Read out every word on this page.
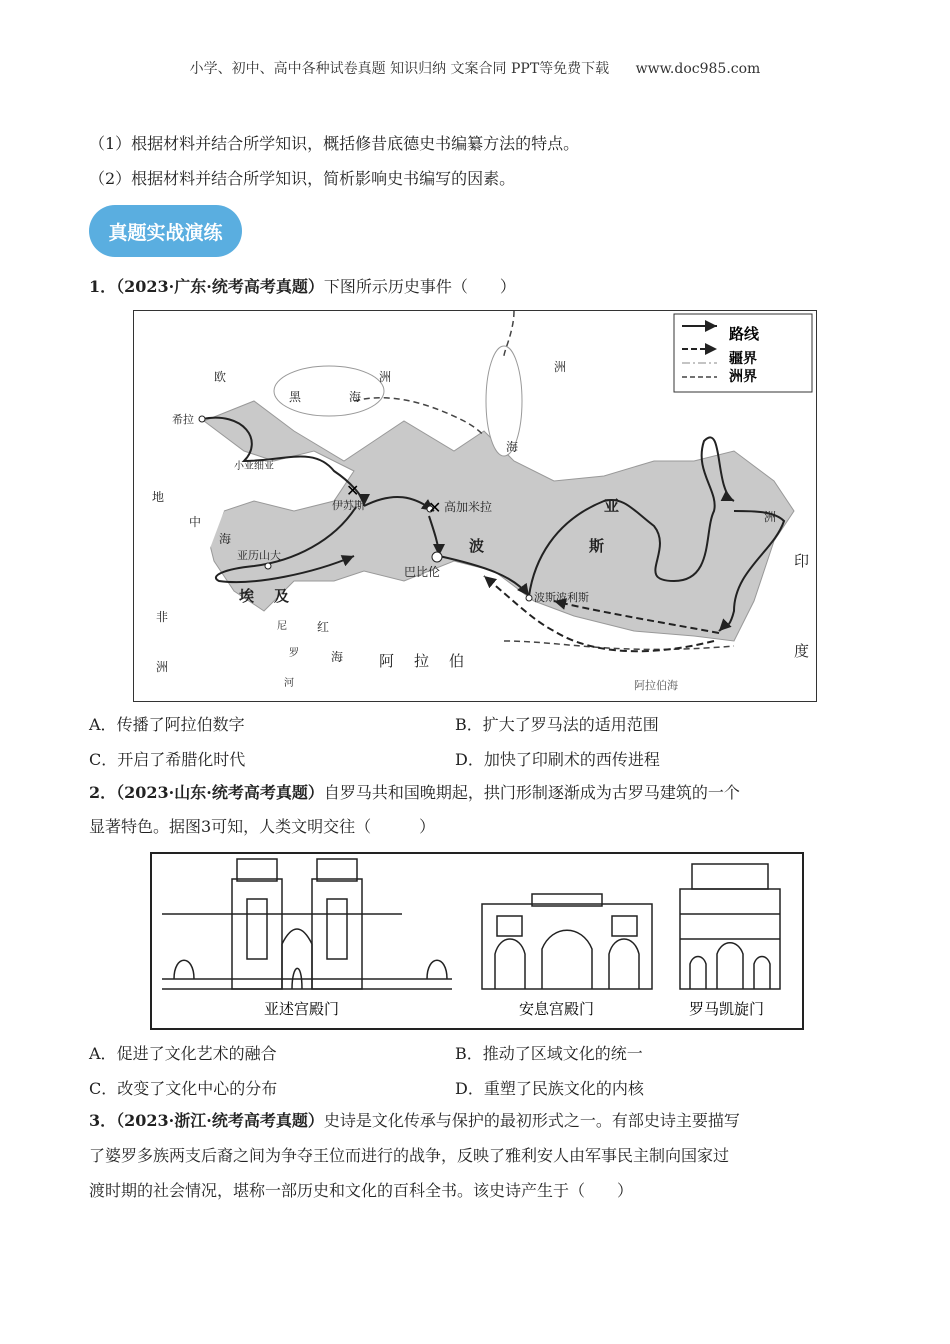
小学、初中、高中各种试卷真题 知识归纳 文案合同 PPT等免费下载 www.doc985.com
（1）根据材料并结合所学知识，概括修昔底德史书编纂方法的特点。
（2）根据材料并结合所学知识，简析影响史书编写的因素。
真题实战演练
1．（2023·广东·统考高考真题）下图所示历史事件（　　）
路线
疆界
洲界
✕
✕
欧	洲
洲
黑	海
海
希拉
小亚细亚
伊苏斯	高加米拉
巴比伦
波斯波利斯
亚历山大
埃 及
波	斯
亚
地
中
海
非
洲	阿 拉 伯
阿拉伯海
印
度
洲
红
海
尼
罗
河
A．传播了阿拉伯数字	B．扩大了罗马法的适用范围
C．开启了希腊化时代	D．加快了印刷术的西传进程
2．（2023·山东·统考高考真题）自罗马共和国晚期起，拱门形制逐渐成为古罗马建筑的一个
显著特色。据图3可知，人类文明交往（　　　）
亚述宫殿门	安息宫殿门	罗马凯旋门
A．促进了文化艺术的融合	B．推动了区域文化的统一
C．改变了文化中心的分布	D．重塑了民族文化的内核
3．（2023·浙江·统考高考真题）史诗是文化传承与保护的最初形式之一。有部史诗主要描写
了婆罗多族两支后裔之间为争夺王位而进行的战争，反映了雅利安人由军事民主制向国家过
渡时期的社会情况，堪称一部历史和文化的百科全书。该史诗产生于（　　）
